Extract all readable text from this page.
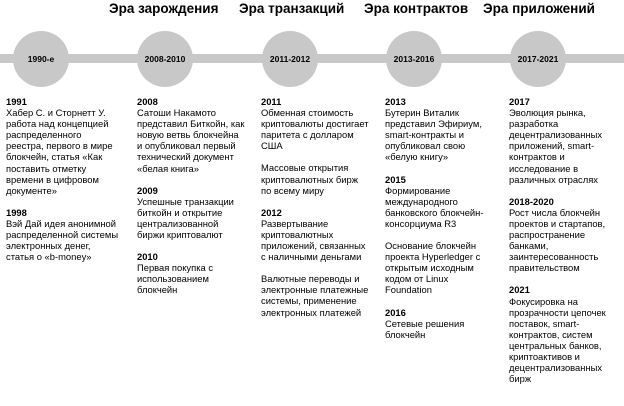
Эра зарождения Эра транзакций Эра контрактов Эра приложений
1990-е	2008-2010	2011-2012	2013-2016	2017-2021
1991
Хабер С. и Сторнетт У.
работа над концепцией
распределенного
реестра, первого в мире
блокчейн, статья «Как
поставить отметку
времени в цифровом
документе»
1998
Вэй Дай идея анонимной
распределенной системы
электронных денег,
статья о «b-money»
2008
Сатоши Накамото
представил Биткойн, как
новую ветвь блокчейна
и опубликовал первый
технический документ
«белая книга»
2009
Успешные транзакции
биткойн и открытие
централизованной
биржи криптовалют
2010
Первая покупка с
использованием
блокчейн
2011
Обменная стоимость
криптовалюты достигает
паритета с долларом
США
Массовые открытия
криптовалютных бирж
по всему миру
2012
Развертывание
криптовалютных
приложений, связанных
с наличными деньгами
Валютные переводы и
электронные платежные
системы, применение
электронных платежей
2013
Бутерин Виталик
представил Эфириум,
smart-контракты и
опубликовал свою
«белую книгу»
2015
Формирование
международного
банковского блокчейн-
консорциума R3
Основание блокчейн
проекта Hyperledger с
открытым исходным
кодом от Linux
Foundation
2016
Сетевые решения
блокчейн
2017
Эволюция рынка,
разработка
децентрализованных
приложений, smart-
контрактов и
исследование в
различных отраслях
2018-2020
Рост числа блокчейн
проектов и стартапов,
распространение
банками,
заинтересованность
правительством
2021
Фокусировка на
прозрачности цепочек
поставок, smart-
контрактов, систем
центральных банков,
криптоактивов и
децентрализованных
бирж
